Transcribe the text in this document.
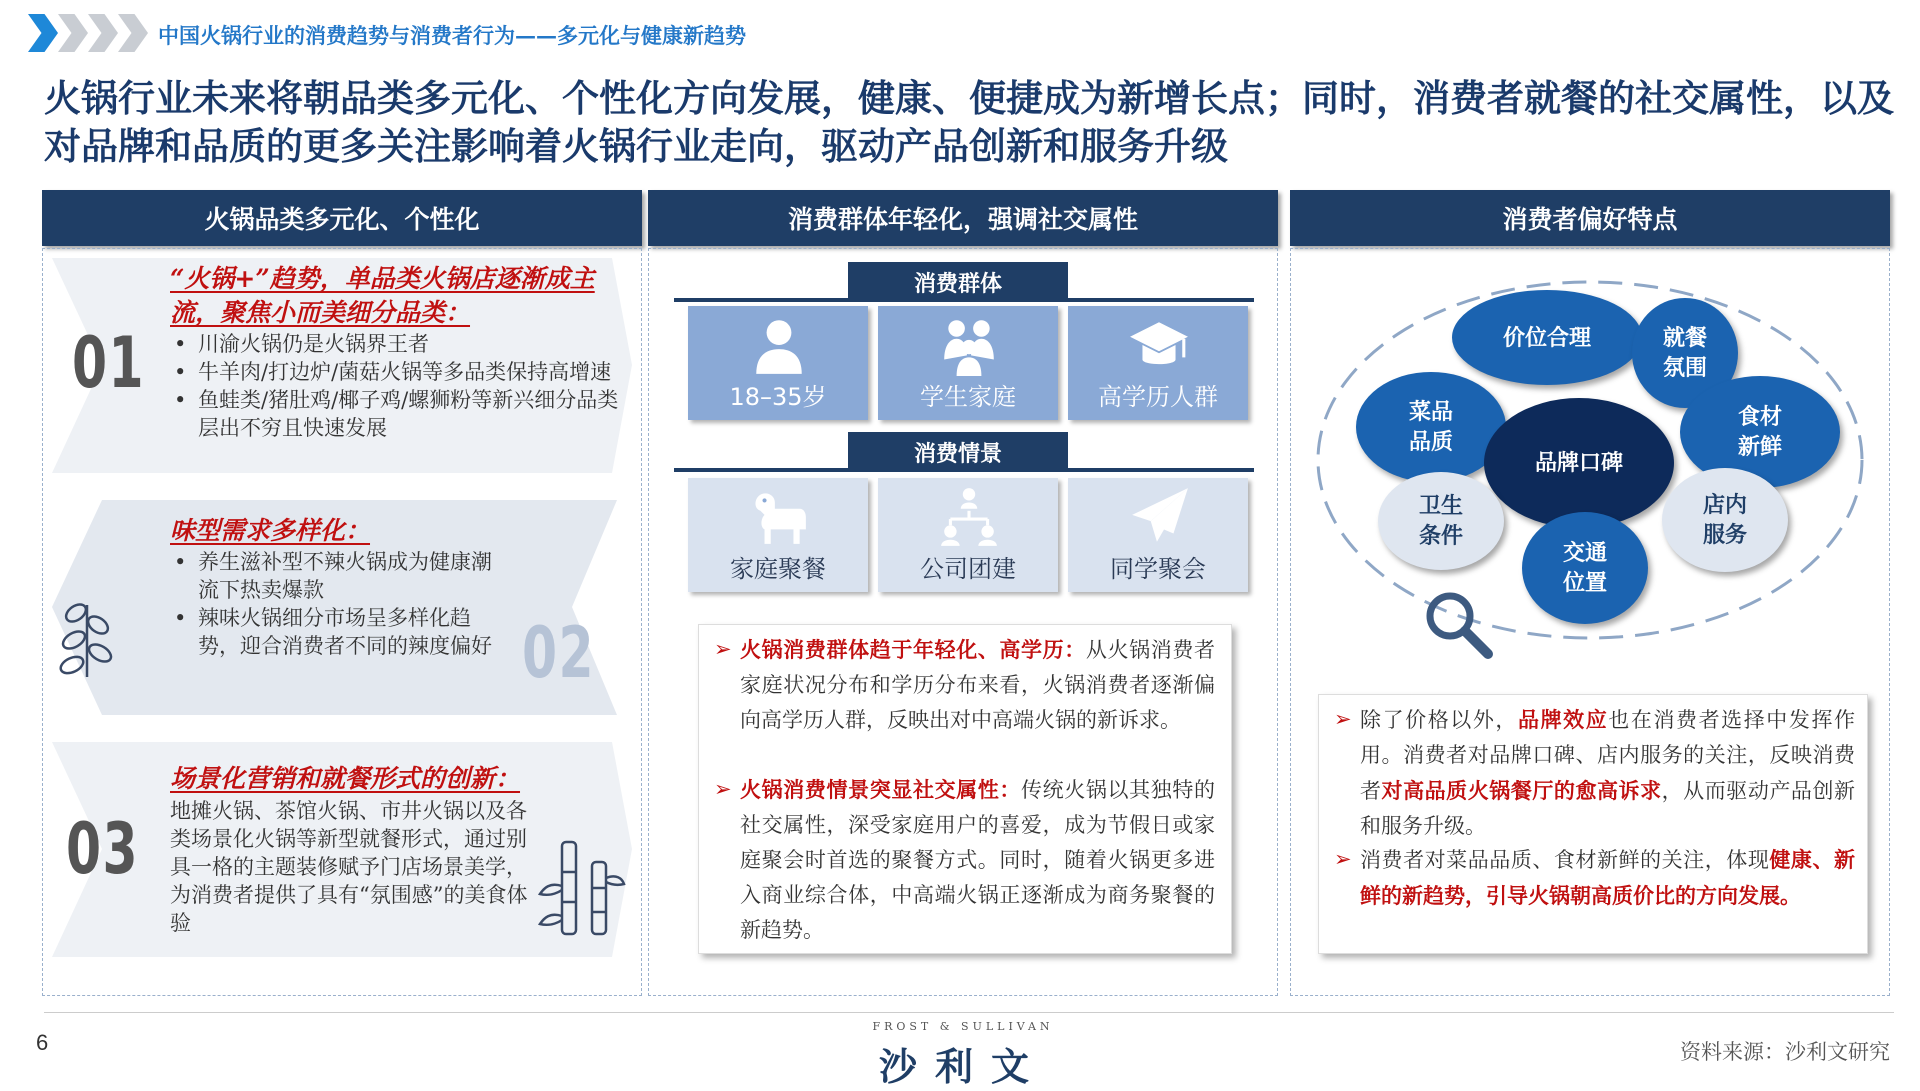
中国火锅行业的消费趋势与消费者行为——多元化与健康新趋势
火锅行业未来将朝品类多元化、个性化方向发展，健康、便捷成为新增长点；同时，消费者就餐的社交属性，以及对品牌和品质的更多关注影响着火锅行业走向，驱动产品创新和服务升级
火锅品类多元化、个性化	消费群体年轻化，强调社交属性	消费者偏好特点
01
“火锅+”趋势，单品类火锅店逐渐成主流，聚焦小而美细分品类：
• 川渝火锅仍是火锅界王者
• 牛羊肉/打边炉/菌菇火锅等多品类保持高增速
• 鱼蛙类/猪肚鸡/椰子鸡/螺狮粉等新兴细分品类层出不穷且快速发展
02
味型需求多样化：
• 养生滋补型不辣火锅成为健康潮流下热卖爆款
• 辣味火锅细分市场呈多样化趋势，迎合消费者不同的辣度偏好
03
场景化营销和就餐形式的创新：
地摊火锅、茶馆火锅、市井火锅以及各类场景化火锅等新型就餐形式，通过别具一格的主题装修赋予门店场景美学，为消费者提供了具有“氛围感”的美食体验
消费群体
18–35岁	学生家庭	高学历人群
消费情景
家庭聚餐	公司团建	同学聚会
➢ 火锅消费群体趋于年轻化、高学历：从火锅消费者家庭状况分布和学历分布来看，火锅消费者逐渐偏向高学历人群，反映出对中高端火锅的新诉求。
➢ 火锅消费情景突显社交属性：传统火锅以其独特的社交属性，深受家庭用户的喜爱，成为节假日或家庭聚会时首选的聚餐方式。同时，随着火锅更多进入商业综合体，中高端火锅正逐渐成为商务聚餐的新趋势。
价位合理	就餐氛围
菜品品质
食材新鲜
品牌口碑
卫生条件
店内服务
交通位置
➢ 除了价格以外，品牌效应也在消费者选择中发挥作用。消费者对品牌口碑、店内服务的关注，反映消费者对高品质火锅餐厅的愈高诉求，从而驱动产品创新和服务升级。
➢ 消费者对菜品品质、食材新鲜的关注，体现健康、新鲜的新趋势，引导火锅朝高质价比的方向发展。
6
FROST & SULLIVAN
沙利文	资料来源：沙利文研究
